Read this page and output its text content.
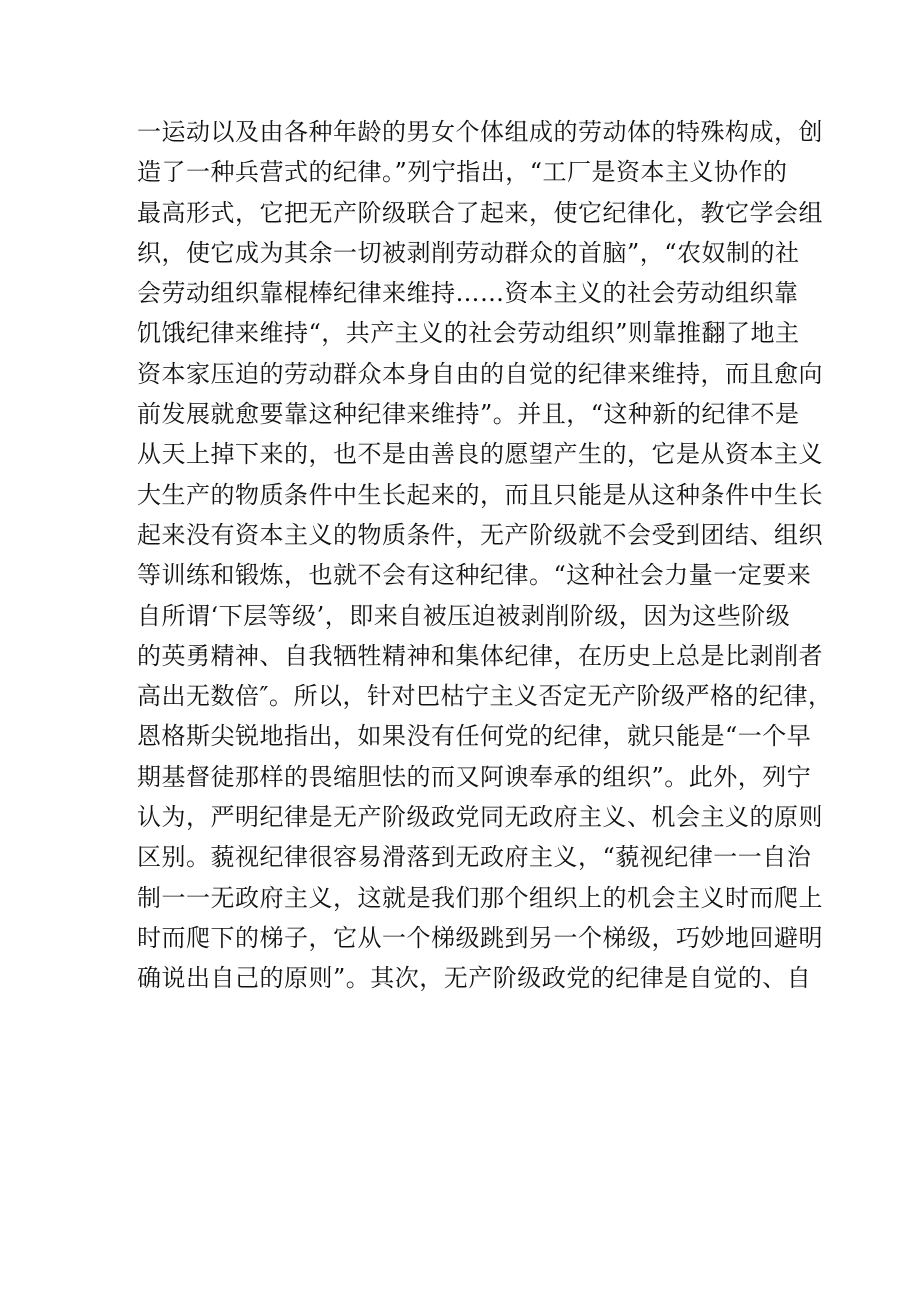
一运动以及由各种年龄的男女个体组成的劳动体的特殊构成，创
造了一种兵营式的纪律。”列宁指出，“工厂是资本主义协作的
最高形式，它把无产阶级联合了起来，使它纪律化，教它学会组
织，使它成为其余一切被剥削劳动群众的首脑”，“农奴制的社
会劳动组织靠棍棒纪律来维持……资本主义的社会劳动组织靠
饥饿纪律来维持“，共产主义的社会劳动组织”则靠推翻了地主
资本家压迫的劳动群众本身自由的自觉的纪律来维持，而且愈向
前发展就愈要靠这种纪律来维持”。并且，“这种新的纪律不是
从天上掉下来的，也不是由善良的愿望产生的，它是从资本主义
大生产的物质条件中生长起来的，而且只能是从这种条件中生长
起来没有资本主义的物质条件，无产阶级就不会受到团结、组织
等训练和锻炼，也就不会有这种纪律。“这种社会力量一定要来
自所谓‘下层等级’，即来自被压迫被剥削阶级，因为这些阶级
的英勇精神、自我牺牲精神和集体纪律，在历史上总是比剥削者
高出无数倍″。所以，针对巴枯宁主义否定无产阶级严格的纪律，
恩格斯尖锐地指出，如果没有任何党的纪律，就只能是“一个早
期基督徒那样的畏缩胆怯的而又阿谀奉承的组织”。此外，列宁
认为，严明纪律是无产阶级政党同无政府主义、机会主义的原则
区别。藐视纪律很容易滑落到无政府主义，“藐视纪律一一自治
制一一无政府主义，这就是我们那个组织上的机会主义时而爬上
时而爬下的梯子，它从一个梯级跳到另一个梯级，巧妙地回避明
确说出自己的原则”。其次，无产阶级政党的纪律是自觉的、自
